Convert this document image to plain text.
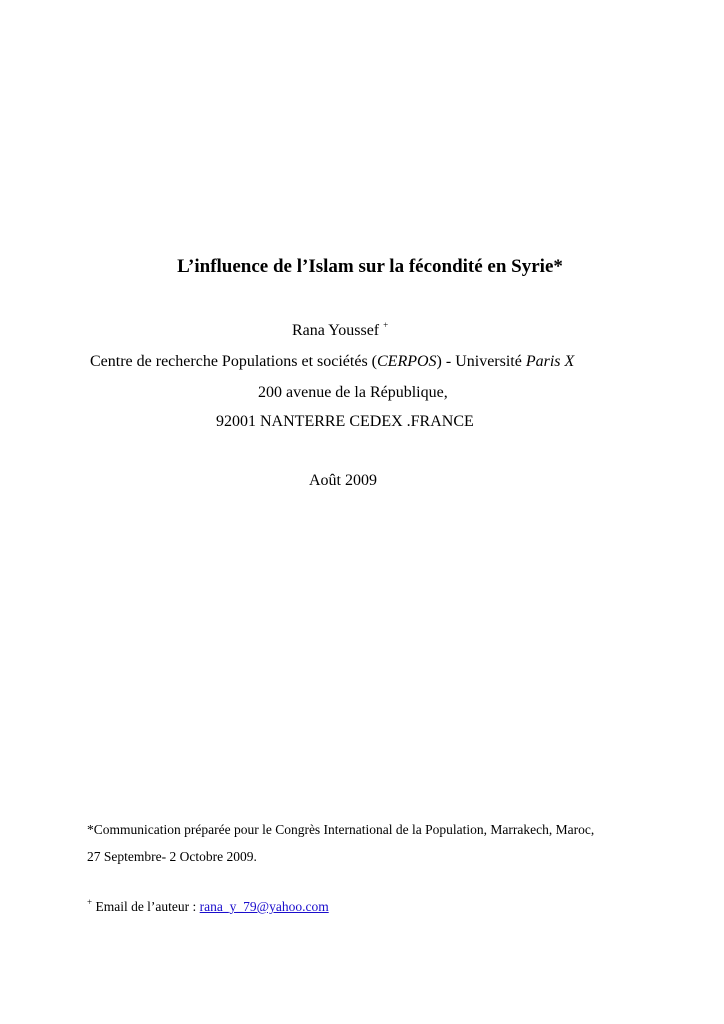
L’influence de l’Islam sur la fécondité en Syrie*
Rana Youssef +
Centre de recherche Populations et sociétés (CERPOS) - Université Paris X
200 avenue de la République,
92001 NANTERRE CEDEX .FRANCE
Août 2009
*Communication préparée pour le Congrès International de la Population, Marrakech, Maroc,
27 Septembre- 2 Octobre 2009.
+ Email de l’auteur : rana_y_79@yahoo.com
